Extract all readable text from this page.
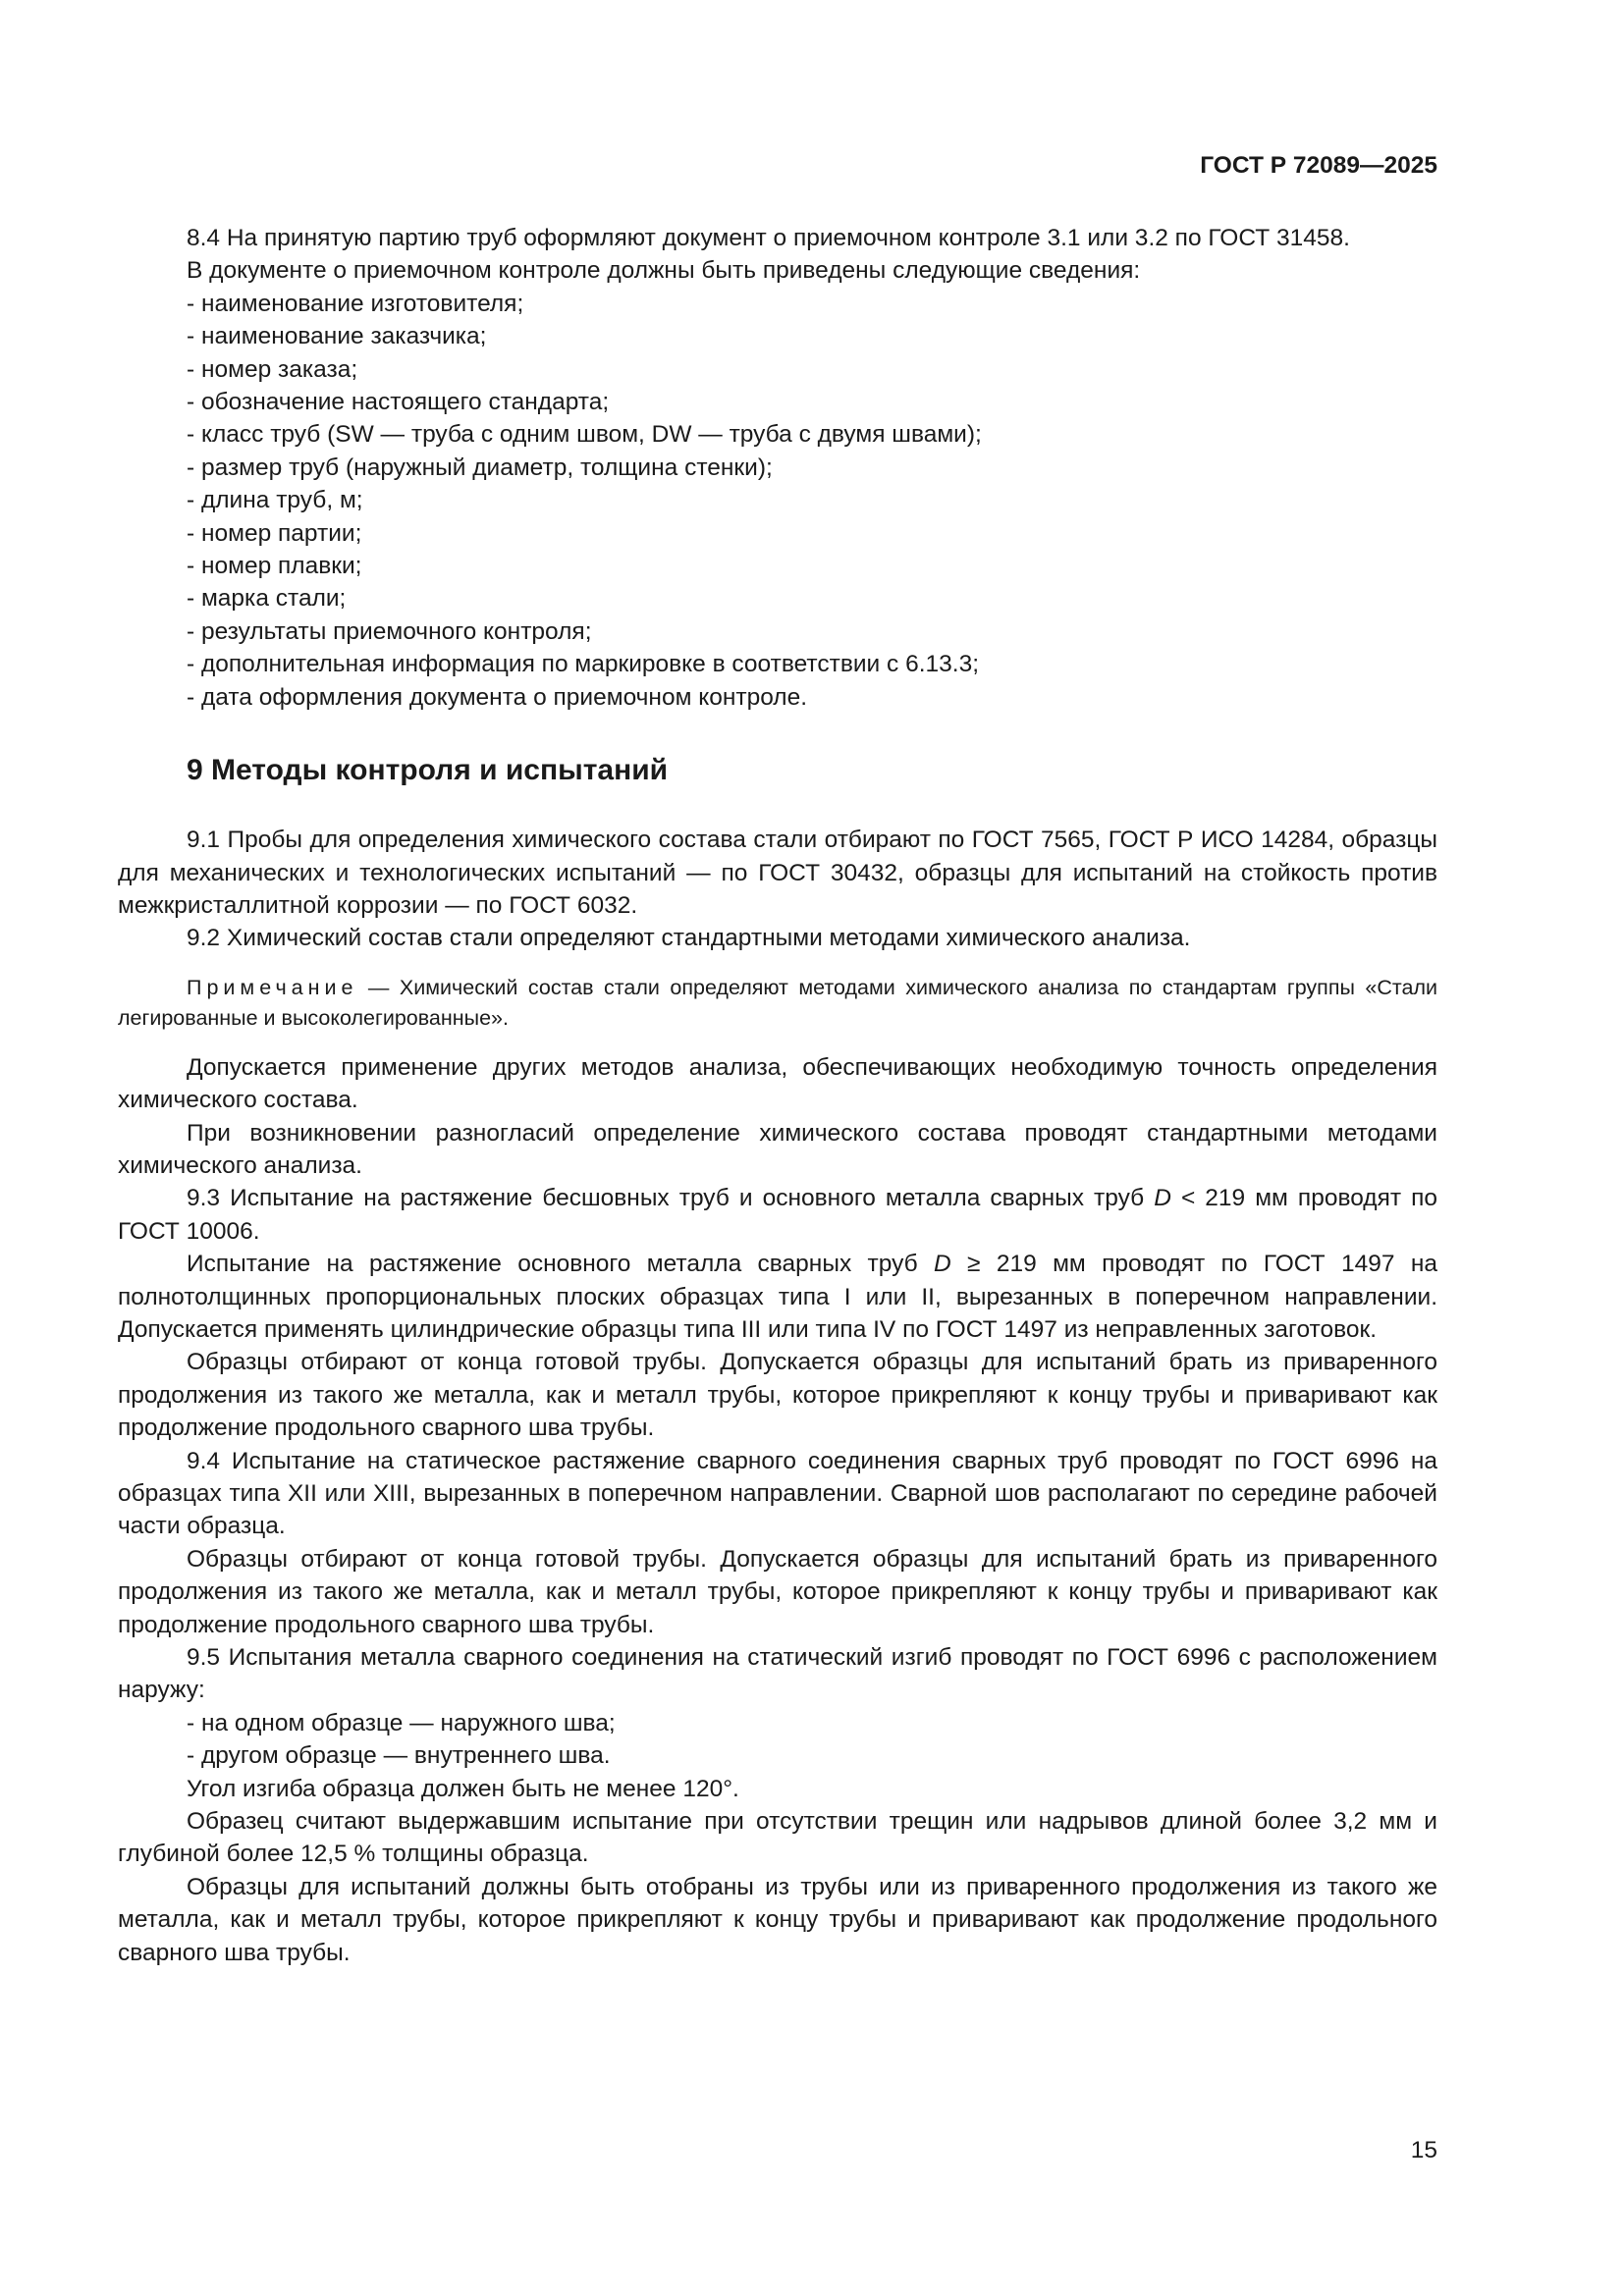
ГОСТ Р 72089—2025

8.4 На принятую партию труб оформляют документ о приемочном контроле 3.1 или 3.2 по ГОСТ 31458.

В документе о приемочном контроле должны быть приведены следующие сведения:

- наименование изготовителя;

- наименование заказчика;

- номер заказа;

- обозначение настоящего стандарта;

- класс труб (SW — труба с одним швом, DW — труба с двумя швами);

- размер труб (наружный диаметр, толщина стенки);

- длина труб, м;

- номер партии;

- номер плавки;

- марка стали;

- результаты приемочного контроля;

- дополнительная информация по маркировке в соответствии с 6.13.3;

- дата оформления документа о приемочном контроле.

9 Методы контроля и испытаний

9.1 Пробы для определения химического состава стали отбирают по ГОСТ 7565, ГОСТ Р ИСО 14284, образцы для механических и технологических испытаний — по ГОСТ 30432, образцы для испытаний на стойкость против межкристаллитной коррозии — по ГОСТ 6032.

9.2 Химический состав стали определяют стандартными методами химического анализа.

Примечание — Химический состав стали определяют методами химического анализа по стандартам группы «Стали легированные и высоколегированные».

Допускается применение других методов анализа, обеспечивающих необходимую точность определения химического состава.

При возникновении разногласий определение химического состава проводят стандартными методами химического анализа.

9.3 Испытание на растяжение бесшовных труб и основного металла сварных труб D < 219 мм проводят по ГОСТ 10006.

Испытание на растяжение основного металла сварных труб D ≥ 219 мм проводят по ГОСТ 1497 на полнотолщинных пропорциональных плоских образцах типа I или II, вырезанных в поперечном направлении. Допускается применять цилиндрические образцы типа III или типа IV по ГОСТ 1497 из неправленных заготовок.

Образцы отбирают от конца готовой трубы. Допускается образцы для испытаний брать из приваренного продолжения из такого же металла, как и металл трубы, которое прикрепляют к концу трубы и приваривают как продолжение продольного сварного шва трубы.

9.4 Испытание на статическое растяжение сварного соединения сварных труб проводят по ГОСТ 6996 на образцах типа XII или XIII, вырезанных в поперечном направлении. Сварной шов располагают по середине рабочей части образца.

Образцы отбирают от конца готовой трубы. Допускается образцы для испытаний брать из приваренного продолжения из такого же металла, как и металл трубы, которое прикрепляют к концу трубы и приваривают как продолжение продольного сварного шва трубы.

9.5 Испытания металла сварного соединения на статический изгиб проводят по ГОСТ 6996 с расположением наружу:

- на одном образце — наружного шва;

- другом образце — внутреннего шва.

Угол изгиба образца должен быть не менее 120°.

Образец считают выдержавшим испытание при отсутствии трещин или надрывов длиной более 3,2 мм и глубиной более 12,5 % толщины образца.

Образцы для испытаний должны быть отобраны из трубы или из приваренного продолжения из такого же металла, как и металл трубы, которое прикрепляют к концу трубы и приваривают как продолжение продольного сварного шва трубы.

15
